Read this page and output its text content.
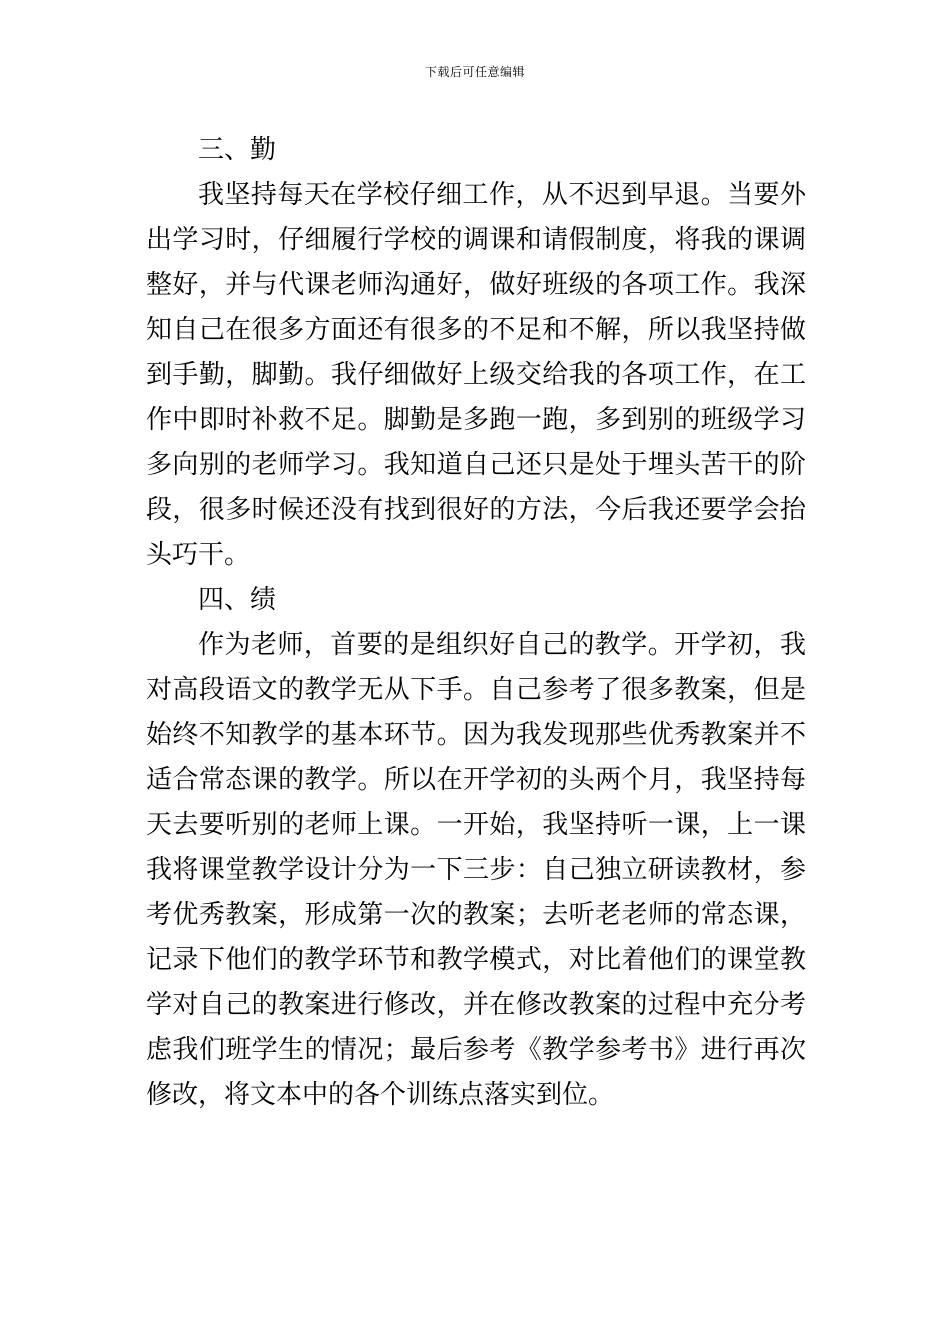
下载后可任意编辑
三、勤
我坚持每天在学校仔细工作，从不迟到早退。当要外
出学习时，仔细履行学校的调课和请假制度，将我的课调
整好，并与代课老师沟通好，做好班级的各项工作。我深
知自己在很多方面还有很多的不足和不解，所以我坚持做
到手勤，脚勤。我仔细做好上级交给我的各项工作，在工
作中即时补救不足。脚勤是多跑一跑，多到别的班级学习
多向别的老师学习。我知道自己还只是处于埋头苦干的阶
段，很多时候还没有找到很好的方法，今后我还要学会抬
头巧干。
四、绩
作为老师，首要的是组织好自己的教学。开学初，我
对高段语文的教学无从下手。自己参考了很多教案，但是
始终不知教学的基本环节。因为我发现那些优秀教案并不
适合常态课的教学。所以在开学初的头两个月，我坚持每
天去要听别的老师上课。一开始，我坚持听一课，上一课
我将课堂教学设计分为一下三步：自己独立研读教材，参
考优秀教案，形成第一次的教案；去听老老师的常态课，
记录下他们的教学环节和教学模式，对比着他们的课堂教
学对自己的教案进行修改，并在修改教案的过程中充分考
虑我们班学生的情况；最后参考《教学参考书》进行再次
修改，将文本中的各个训练点落实到位。
